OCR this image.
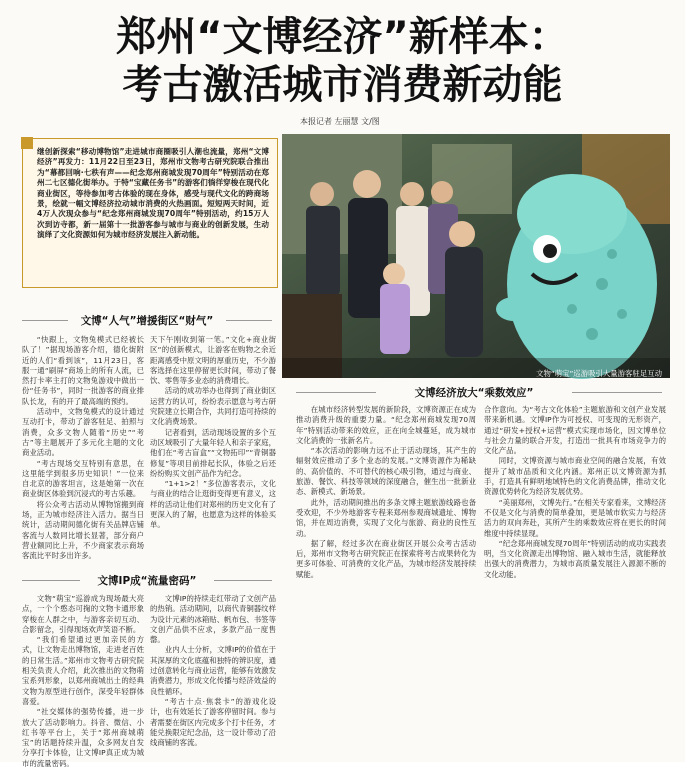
郑州“文博经济”新样本：
考古激活城市消费新动能
本报记者 左丽慧 文/图

继创新探索“移动博物馆”走进城市商圈吸引人潮也流量，郑州“文博经济”再发力：11月22日至23日，郑州市文物考古研究院联合推出为“幕都回响·七秩有声——纪念郑州商城发现70周年”特别活动在郑州二七区德化街举办。于特“宝藏任务书”的游客们徜徉穿梭在现代化商业街区，等待参加考古体验的现在身体，感受与现代文化的跨商场景，绘就一幅文博经济拉动城市消费的火热画面。短短两天时间，近4万人次现众参与“纪念郑州商城发现70周年”特别活动，约15万人次到访寺都，新一届第十一批游客参与城市与商业的创新发展，生动演绎了文化资源如何为城市经济发展注入新动能。

文物“萌宝”巡游吸引大量游客驻足互动
文博“人气”增援街区“财气”

“快跟上，文物兔模式已经被长队了！”据现场游客介绍，德化街附近的人们“看到该”，11月23日，客服一通“刷屏”商场上的所有人流，已然打卡率主打的文物兔游戏中做出一份“任务书”，同时一批游客的商业排队长龙，有的开了最高端的预约。

活动中，文物兔模式的设计通过互动打卡，带动了游客驻足、拍照与消费，众多文物人随着“历史”“考古”等主题展开了多元化主题的文化商业活动。

“考古现场交互特别有意思，在这里能学到很多历史知识！”一位来自北京的游客坦言，这是她第一次在商业街区体验到沉浸式的考古乐趣。

将公众考古活动从博物馆搬到商场，正为城市经济注入活力。据当日统计，活动期间德化街有关品牌店铺客流与人数同比增长显著，部分商户营业额同比上升，不少商家表示商场客流比平时多出许多。

天下午刚收到第一笔。”文化+商业街区“的创新模式，让游客在购物之余近距离感受中原文明的厚重历史，不少游客选择在这里停留更长时间，带动了餐饮、零售等多业态的消费增长。

活动的成功举办也得到了商业街区运营方的认可，纷纷表示愿意与考古研究院建立长期合作，共同打造可持续的文化消费场景。

记者看到，活动现场设置的多个互动区域吸引了大量年轻人和亲子家庭，他们在“考古盲盒”“文物拓印”“青铜器修复”等项目前排起长队，体验之后还纷纷购买文创产品作为纪念。

“1+1>2！”多位游客表示，文化与商业的结合让逛街变得更有意义，这样的活动让他们对郑州的历史文化有了更深入的了解，也愿意为这样的体验买单。

文博IP成“流量密码”

文物“萌宝”巡游成为现场最大亮点，一个个憨态可掬的文物卡通形象穿梭在人群之中，与游客亲切互动、合影留念，引得现场欢声笑语不断。

“我们希望通过更加亲民的方式，让文物走出博物馆，走进老百姓的日常生活。”郑州市文物考古研究院相关负责人介绍，此次推出的文物萌宝系列形象，以郑州商城出土的经典文物为原型进行创作，深受年轻群体喜爱。

“社交媒体的强势传播，进一步放大了活动影响力。抖音、微信、小红书等平台上，关于“郑州商城萌宝”的话题持续升温，众多网友自发分享打卡体验，让文博IP真正成为城市的流量密码。

文博IP的持续走红带动了文创产品的热销。活动期间，以商代青铜器纹样为设计元素的冰箱贴、帆布包、书签等文创产品供不应求，多款产品一度售罄。

业内人士分析，文博IP的价值在于其深厚的文化底蕴和独特的辨识度，通过创意转化与商业运营，能够有效激发消费潜力，形成文化传播与经济效益的良性循环。

“考古十点·焦裳卡”的游戏化设计，也有效延长了游客停留时间。参与者需要在街区内完成多个打卡任务，才能兑换限定纪念品，这一设计带动了沿线商铺的客流。

文博经济放大“乘数效应”

在城市经济转型发展的新阶段，文博资源正在成为推动消费升级的重要力量。“纪念郑州商城发现70周年”特别活动带来的效应，正在向全城蔓延，成为城市文化消费的一张新名片。

“本次活动的影响力远不止于活动现场，其产生的辐射效应推动了多个业态的发展。”文博资源作为稀缺的、高价值的、不可替代的核心吸引物，通过与商业、旅游、餐饮、科技等领域的深度融合，催生出一批新业态、新模式、新场景。

此外，活动期间推出的多条文博主题旅游线路也备受欢迎，不少外地游客专程来郑州参观商城遗址、博物馆，并在周边消费，实现了文化与旅游、商业的良性互动。

据了解，经过多次在商业街区开展公众考古活动后，郑州市文物考古研究院正在探索将考古成果转化为更多可体验、可消费的文化产品，为城市经济发展持续赋能。

合作意向。为“考古文化体验”主题旅游和文创产业发展带来新机遇。文博IP作为可授权、可变现的无形资产，通过“研发+授权+运营”模式实现市场化，因文博单位与社会力量的联合开发，打造出一批具有市场竞争力的文化产品。

同时，文博资源与城市商业空间的融合发展，有效提升了城市品质和文化内涵。郑州正以文博资源为抓手，打造具有鲜明地域特色的文化消费品牌，推动文化资源优势转化为经济发展优势。

“美丽郑州，文博先行。”在相关专家看来，文博经济不仅是文化与消费的简单叠加，更是城市软实力与经济活力的双向奔赴，其所产生的乘数效应将在更长的时间维度中持续显现。

“纪念郑州商城发现70周年”特别活动的成功实践表明，当文化资源走出博物馆、融入城市生活，就能释放出强大的消费潜力，为城市高质量发展注入源源不断的文化动能。
